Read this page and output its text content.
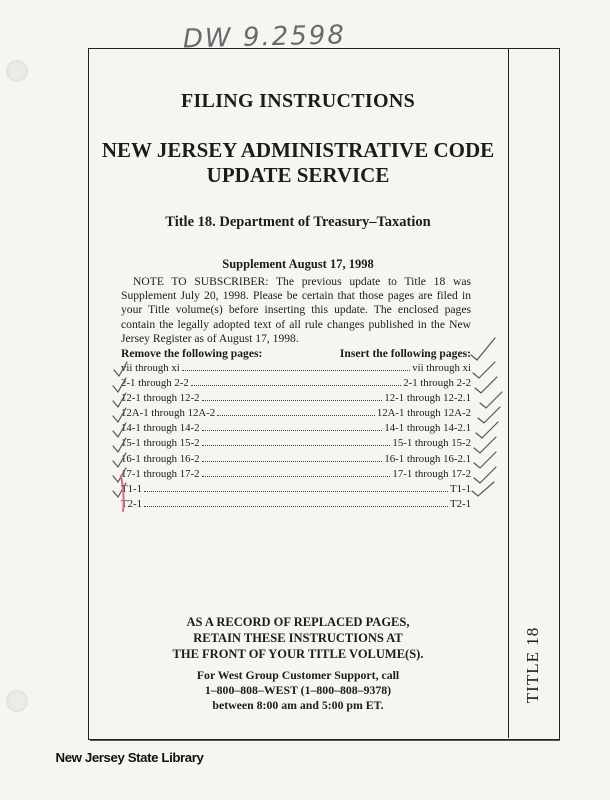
DW 9.2598
TITLE 18
FILING INSTRUCTIONS
NEW JERSEY ADMINISTRATIVE CODE
UPDATE SERVICE
Title 18. Department of Treasury–Taxation
Supplement August 17, 1998
NOTE TO SUBSCRIBER: The previous update to Title 18 was Supplement July 20, 1998. Please be certain that those pages are filed in your Title volume(s) before inserting this update. The enclosed pages contain the legally adopted text of all rule changes published in the New Jersey Register as of August 17, 1998.
Remove the following pages:	Insert the following pages:
vii through xi	vii through xi
2-1 through 2-2	2-1 through 2-2
12-1 through 12-2	12-1 through 12-2.1
12A-1 through 12A-2	12A-1 through 12A-2
14-1 through 14-2	14-1 through 14-2.1
15-1 through 15-2	15-1 through 15-2
16-1 through 16-2	16-1 through 16-2.1
17-1 through 17-2	17-1 through 17-2
T1-1	T1-1
T2-1	T2-1
AS A RECORD OF REPLACED PAGES,
RETAIN THESE INSTRUCTIONS AT
THE FRONT OF YOUR TITLE VOLUME(S).
For West Group Customer Support, call
1–800–808–WEST (1–800–808–9378)
between 8:00 am and 5:00 pm ET.
New Jersey State Library
